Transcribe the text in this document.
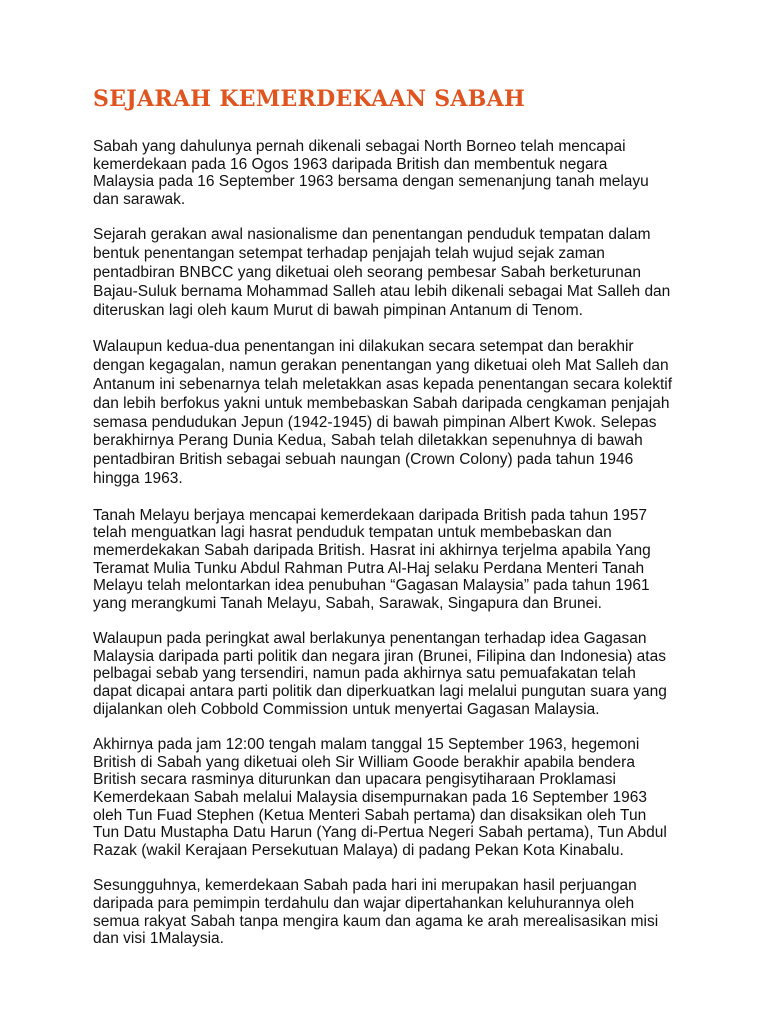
SEJARAH KEMERDEKAAN SABAH

Sabah yang dahulunya pernah dikenali sebagai North Borneo telah mencapai
kemerdekaan pada 16 Ogos 1963 daripada British dan membentuk negara
Malaysia pada 16 September 1963 bersama dengan semenanjung tanah melayu
dan sarawak.

Sejarah gerakan awal nasionalisme dan penentangan penduduk tempatan dalam
bentuk penentangan setempat terhadap penjajah telah wujud sejak zaman
pentadbiran BNBCC yang diketuai oleh seorang pembesar Sabah berketurunan
Bajau-Suluk bernama Mohammad Salleh atau lebih dikenali sebagai Mat Salleh dan
diteruskan lagi oleh kaum Murut di bawah pimpinan Antanum di Tenom.

Walaupun kedua-dua penentangan ini dilakukan secara setempat dan berakhir
dengan kegagalan, namun gerakan penentangan yang diketuai oleh Mat Salleh dan
Antanum ini sebenarnya telah meletakkan asas kepada penentangan secara kolektif
dan lebih berfokus yakni untuk membebaskan Sabah daripada cengkaman penjajah
semasa pendudukan Jepun (1942-1945) di bawah pimpinan Albert Kwok. Selepas
berakhirnya Perang Dunia Kedua, Sabah telah diletakkan sepenuhnya di bawah
pentadbiran British sebagai sebuah naungan (Crown Colony) pada tahun 1946
hingga 1963.

Tanah Melayu berjaya mencapai kemerdekaan daripada British pada tahun 1957
telah menguatkan lagi hasrat penduduk tempatan untuk membebaskan dan
memerdekakan Sabah daripada British. Hasrat ini akhirnya terjelma apabila Yang
Teramat Mulia Tunku Abdul Rahman Putra Al-Haj selaku Perdana Menteri Tanah
Melayu telah melontarkan idea penubuhan “Gagasan Malaysia” pada tahun 1961
yang merangkumi Tanah Melayu, Sabah, Sarawak, Singapura dan Brunei.

Walaupun pada peringkat awal berlakunya penentangan terhadap idea Gagasan
Malaysia daripada parti politik dan negara jiran (Brunei, Filipina dan Indonesia) atas
pelbagai sebab yang tersendiri, namun pada akhirnya satu pemuafakatan telah
dapat dicapai antara parti politik dan diperkuatkan lagi melalui pungutan suara yang
dijalankan oleh Cobbold Commission untuk menyertai Gagasan Malaysia.

Akhirnya pada jam 12:00 tengah malam tanggal 15 September 1963, hegemoni
British di Sabah yang diketuai oleh Sir William Goode berakhir apabila bendera
British secara rasminya diturunkan dan upacara pengisytiharaan Proklamasi
Kemerdekaan Sabah melalui Malaysia disempurnakan pada 16 September 1963
oleh Tun Fuad Stephen (Ketua Menteri Sabah pertama) dan disaksikan oleh Tun
Tun Datu Mustapha Datu Harun (Yang di-Pertua Negeri Sabah pertama), Tun Abdul
Razak (wakil Kerajaan Persekutuan Malaya) di padang Pekan Kota Kinabalu.

Sesungguhnya, kemerdekaan Sabah pada hari ini merupakan hasil perjuangan
daripada para pemimpin terdahulu dan wajar dipertahankan keluhurannya oleh
semua rakyat Sabah tanpa mengira kaum dan agama ke arah merealisasikan misi
dan visi 1Malaysia.
